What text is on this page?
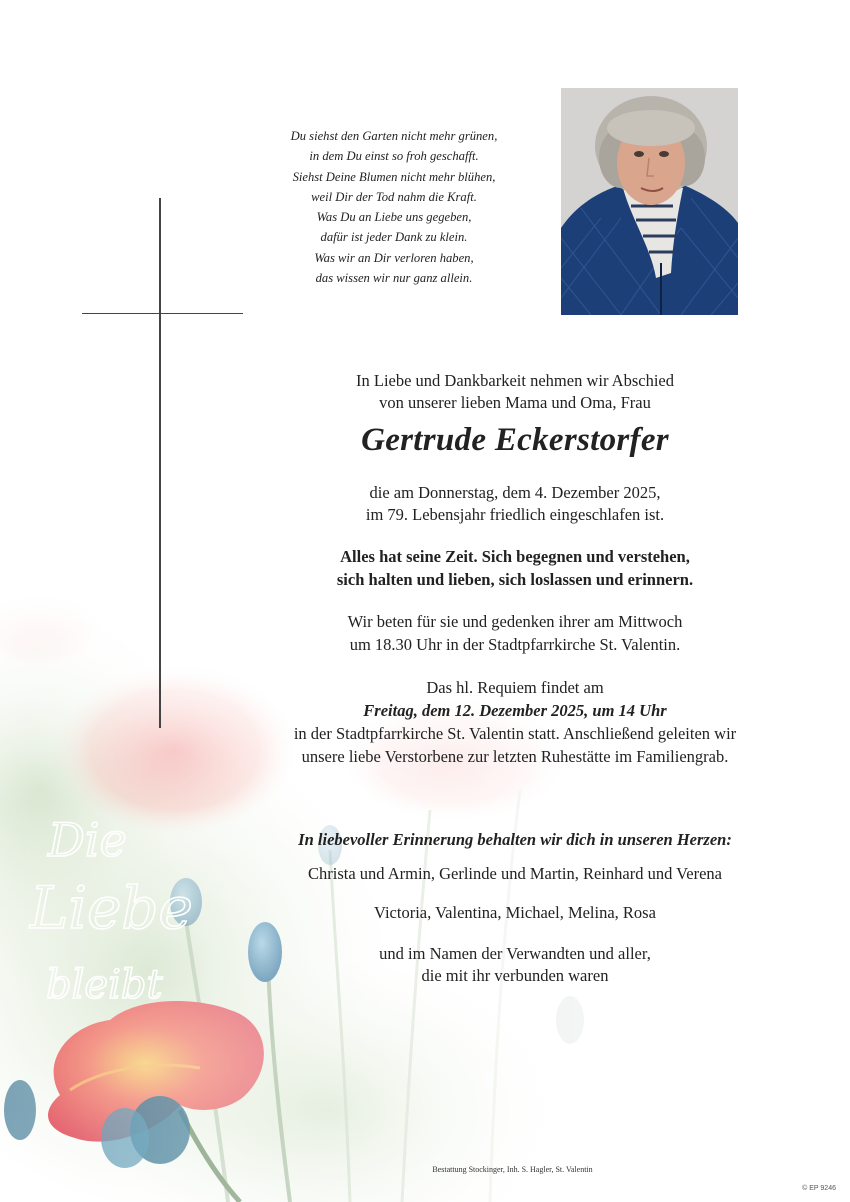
Du siehst den Garten nicht mehr grünen,
in dem Du einst so froh geschafft.
Siehst Deine Blumen nicht mehr blühen,
weil Dir der Tod nahm die Kraft.
Was Du an Liebe uns gegeben,
dafür ist jeder Dank zu klein.
Was wir an Dir verloren haben,
das wissen wir nur ganz allein.
In Liebe und Dankbarkeit nehmen wir Abschied
von unserer lieben Mama und Oma, Frau
Gertrude Eckerstorfer
die am Donnerstag, dem 4. Dezember 2025,
im 79. Lebensjahr friedlich eingeschlafen ist.
Alles hat seine Zeit. Sich begegnen und verstehen,
sich halten und lieben, sich loslassen und erinnern.
Wir beten für sie und gedenken ihrer am Mittwoch
um 18.30 Uhr in der Stadtpfarrkirche St. Valentin.
Das hl. Requiem findet am
Freitag, dem 12. Dezember 2025, um 14 Uhr
in der Stadtpfarrkirche St. Valentin statt. Anschließend geleiten wir
unsere liebe Verstorbene zur letzten Ruhestätte im Familiengrab.
In liebevoller Erinnerung behalten wir dich in unseren Herzen:
Christa und Armin, Gerlinde und Martin, Reinhard und Verena
Victoria, Valentina, Michael, Melina, Rosa
und im Namen der Verwandten und aller,
die mit ihr verbunden waren
Bestattung Stockinger, Inh. S. Hagler, St. Valentin
© EP 9246
